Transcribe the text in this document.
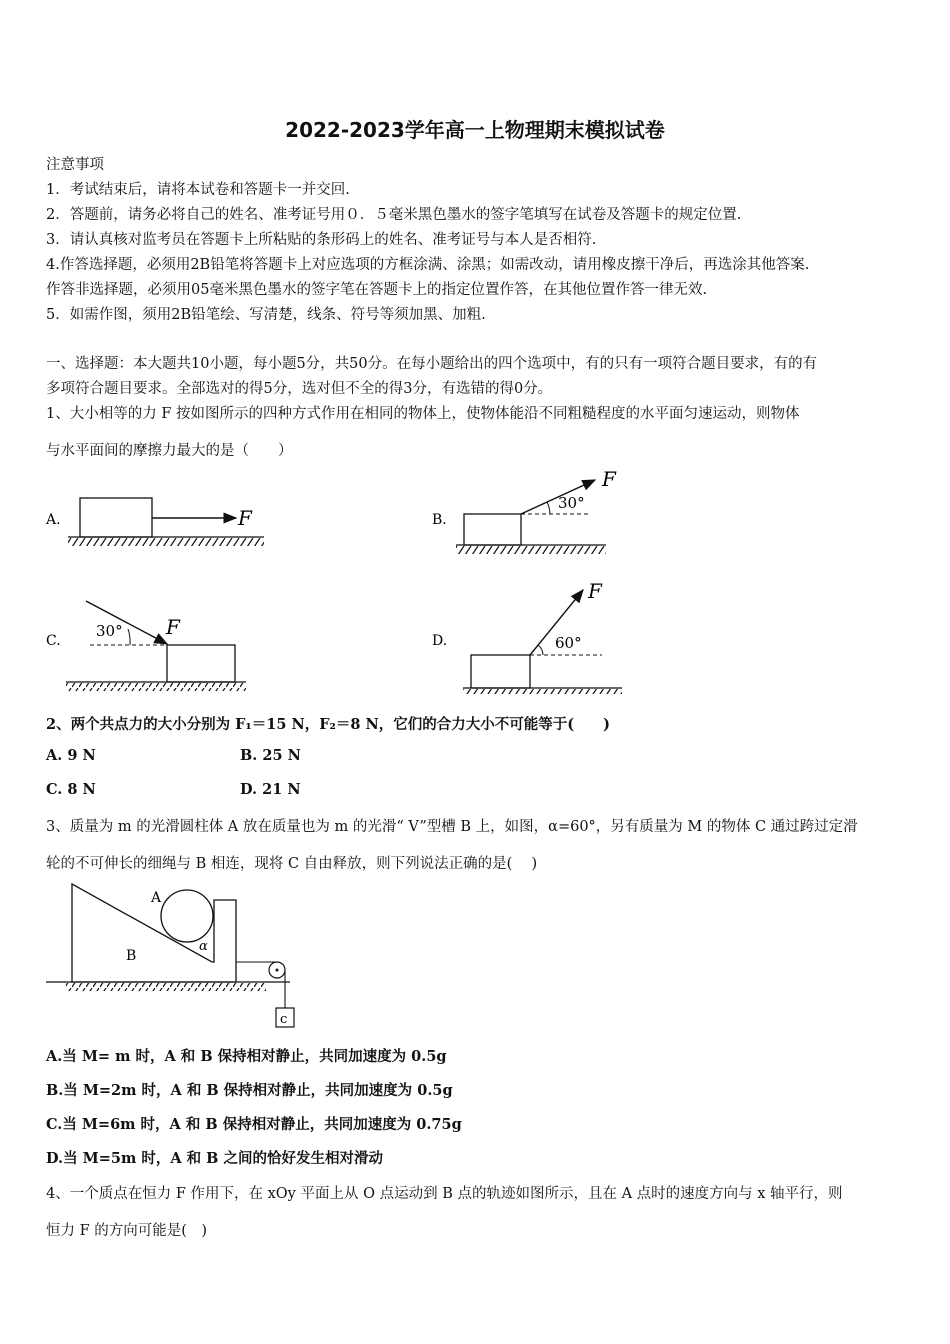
2022-2023学年高一上物理期末模拟试卷
注意事项
1．考试结束后，请将本试卷和答题卡一并交回.
2．答题前，请务必将自己的姓名、准考证号用０．５毫米黑色墨水的签字笔填写在试卷及答题卡的规定位置.
3．请认真核对监考员在答题卡上所粘贴的条形码上的姓名、准考证号与本人是否相符.
4.作答选择题，必须用2B铅笔将答题卡上对应选项的方框涂满、涂黑；如需改动，请用橡皮擦干净后，再选涂其他答案.
作答非选择题，必须用05毫米黑色墨水的签字笔在答题卡上的指定位置作答，在其他位置作答一律无效.
5．如需作图，须用2B铅笔绘、写清楚，线条、符号等须加黑、加粗.
一、选择题：本大题共10小题，每小题5分，共50分。在每小题给出的四个选项中，有的只有一项符合题目要求，有的有
多项符合题目要求。全部选对的得5分，选对但不全的得3分，有选错的得0分。
1、大小相等的力 F 按如图所示的四种方式作用在相同的物体上，使物体能沿不同粗糙程度的水平面匀速运动，则物体
与水平面间的摩擦力最大的是（　　）
A.	F	B.
30°
F
C.
30° F
D.	60°
F
2、两个共点力的大小分别为 F₁＝15 N，F₂＝8 N，它们的合力大小不可能等于(　　)
A. 9 N	B. 25 N
C. 8 N	D. 21 N
3、质量为 m 的光滑圆柱体 A 放在质量也为 m 的光滑“ V”型槽 B 上，如图，α=60°，另有质量为 M 的物体 C 通过跨过定滑
轮的不可伸长的细绳与 B 相连，现将 C 自由释放，则下列说法正确的是(　 )
A
B
α
c
A.当 M= m 时，A 和 B 保持相对静止，共同加速度为 0.5g
B.当 M=2m 时，A 和 B 保持相对静止，共同加速度为 0.5g
C.当 M=6m 时，A 和 B 保持相对静止，共同加速度为 0.75g
D.当 M=5m 时，A 和 B 之间的恰好发生相对滑动
4、一个质点在恒力 F 作用下，在 xOy 平面上从 O 点运动到 B 点的轨迹如图所示，且在 A 点时的速度方向与 x 轴平行，则
恒力 F 的方向可能是(　)
